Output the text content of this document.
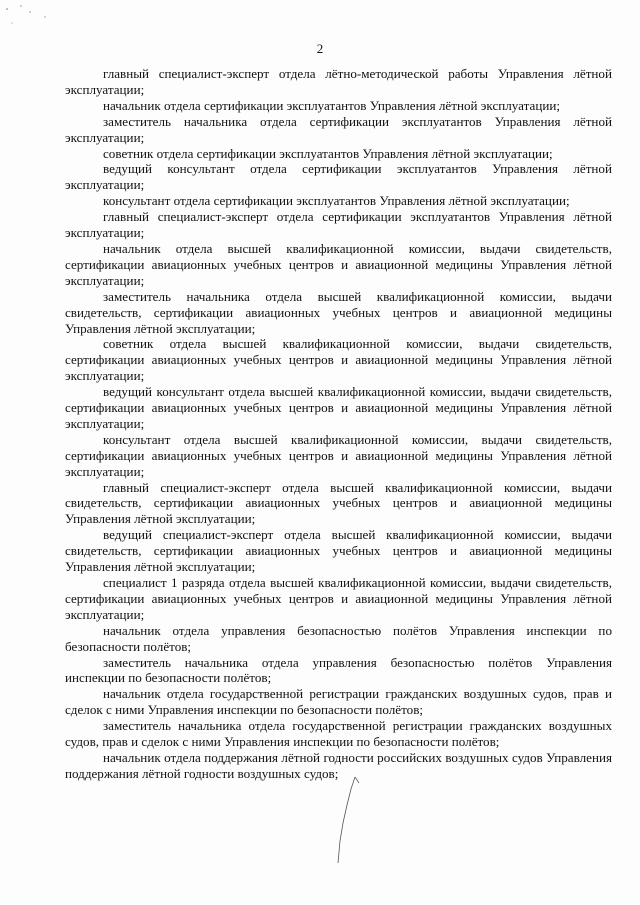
2

главный специалист-эксперт отдела лётно-методической работы Управления лётной эксплуатации;

начальник отдела сертификации эксплуатантов Управления лётной эксплуатации;

заместитель начальника отдела сертификации эксплуатантов Управления лётной эксплуатации;

советник отдела сертификации эксплуатантов Управления лётной эксплуатации;

ведущий консультант отдела сертификации эксплуатантов Управления лётной эксплуатации;

консультант отдела сертификации эксплуатантов Управления лётной эксплуатации;

главный специалист-эксперт отдела сертификации эксплуатантов Управления лётной эксплуатации;

начальник отдела высшей квалификационной комиссии, выдачи свидетельств, сертификации авиационных учебных центров и авиационной медицины Управления лётной эксплуатации;

заместитель начальника отдела высшей квалификационной комиссии, выдачи свидетельств, сертификации авиационных учебных центров и авиационной медицины Управления лётной эксплуатации;

советник отдела высшей квалификационной комиссии, выдачи свидетельств, сертификации авиационных учебных центров и авиационной медицины Управления лётной эксплуатации;

ведущий консультант отдела высшей квалификационной комиссии, выдачи свидетельств, сертификации авиационных учебных центров и авиационной медицины Управления лётной эксплуатации;

консультант отдела высшей квалификационной комиссии, выдачи свидетельств, сертификации авиационных учебных центров и авиационной медицины Управления лётной эксплуатации;

главный специалист-эксперт отдела высшей квалификационной комиссии, выдачи свидетельств, сертификации авиационных учебных центров и авиационной медицины Управления лётной эксплуатации;

ведущий специалист-эксперт отдела высшей квалификационной комиссии, выдачи свидетельств, сертификации авиационных учебных центров и авиационной медицины Управления лётной эксплуатации;

специалист 1 разряда отдела высшей квалификационной комиссии, выдачи свидетельств, сертификации авиационных учебных центров и авиационной медицины Управления лётной эксплуатации;

начальник отдела управления безопасностью полётов Управления инспекции по безопасности полётов;

заместитель начальника отдела управления безопасностью полётов Управления инспекции по безопасности полётов;

начальник отдела государственной регистрации гражданских воздушных судов, прав и сделок с ними Управления инспекции по безопасности полётов;

заместитель начальника отдела государственной регистрации гражданских воздушных судов, прав и сделок с ними Управления инспекции по безопасности полётов;

начальник отдела поддержания лётной годности российских воздушных судов Управления поддержания лётной годности воздушных судов;
